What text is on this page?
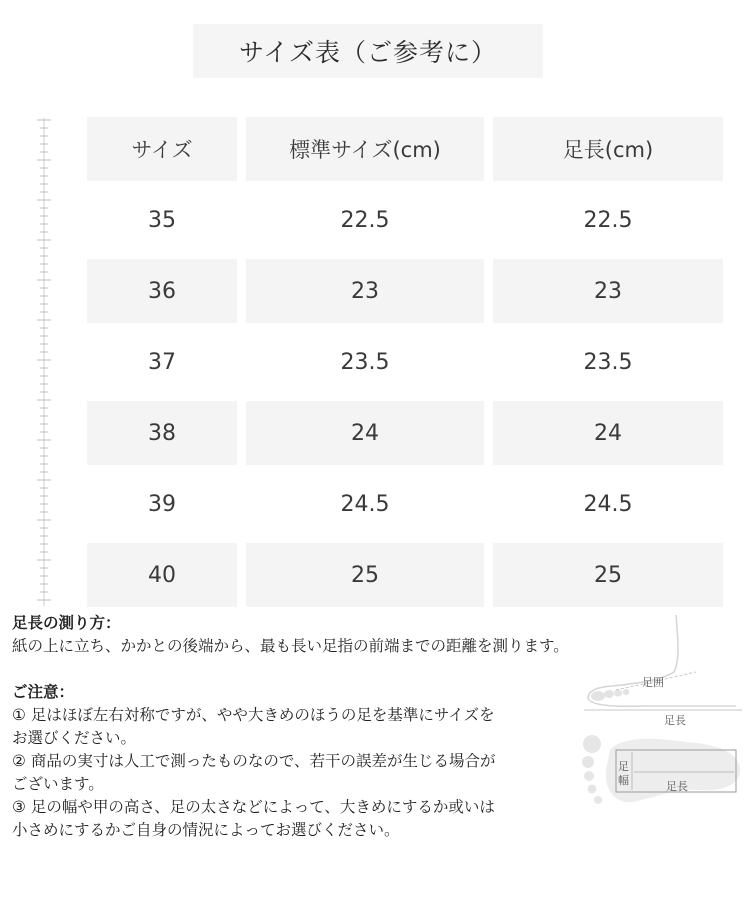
サイズ表（ご参考に）
サイズ	標準サイズ(cm)	足長(cm)
35	22.5	22.5
36	23	23
37	23.5	23.5
38	24	24
39	24.5	24.5
40	25	25
足長の測り方：
紙の上に立ち、かかとの後端から、最も長い足指の前端までの距離を測ります。
ご注意：
① 足はほぼ左右対称ですが、やや大きめのほうの足を基準にサイズを
お選びください。
② 商品の実寸は人工で測ったものなので、若干の誤差が生じる場合が
ございます。
③ 足の幅や甲の高さ、足の太さなどによって、大きめにするか或いは
小さめにするかご自身の情況によってお選びください。
足囲
足長
足
幅	足長
